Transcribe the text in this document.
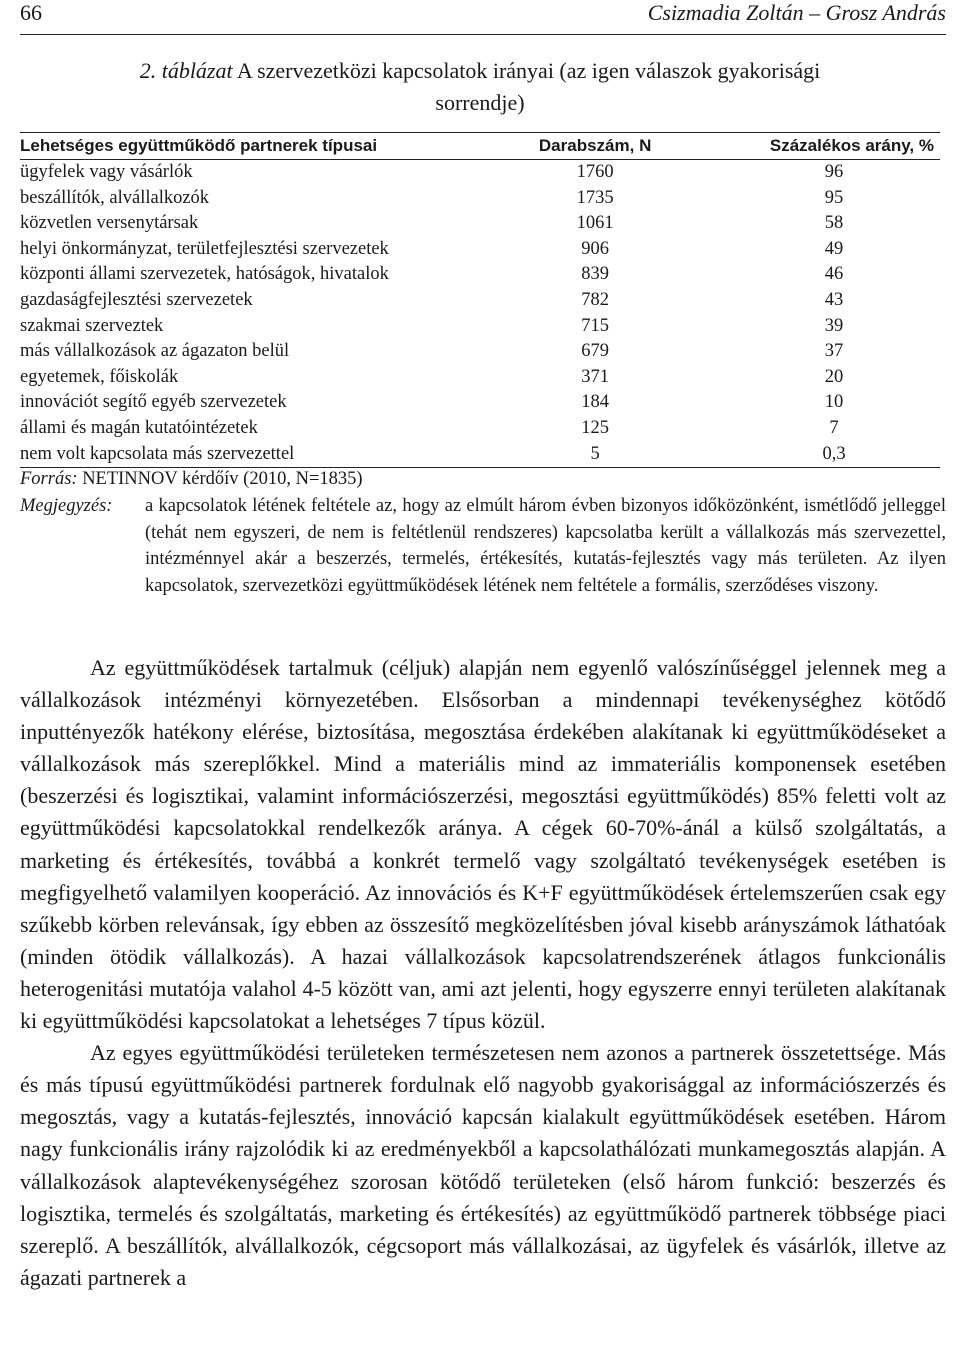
66	Csizmadia Zoltán – Grosz András
2. táblázat A szervezetközi kapcsolatok irányai (az igen válaszok gyakorisági sorrendje)
Lehetséges együttműködő partnerek típusai	Darabszám, N	Százalékos arány, %
ügyfelek vagy vásárlók	1760	96
beszállítók, alvállalkozók	1735	95
közvetlen versenytársak	1061	58
helyi önkormányzat, területfejlesztési szervezetek	906	49
központi állami szervezetek, hatóságok, hivatalok	839	46
gazdaságfejlesztési szervezetek	782	43
szakmai szerveztek	715	39
más vállalkozások az ágazaton belül	679	37
egyetemek, főiskolák	371	20
innovációt segítő egyéb szervezetek	184	10
állami és magán kutatóintézetek	125	7
nem volt kapcsolata más szervezettel	5	0,3
Forrás: NETINNOV kérdőív (2010, N=1835)
Megjegyzés: a kapcsolatok létének feltétele az, hogy az elmúlt három évben bizonyos időközönként, ismétlődő jelleggel (tehát nem egyszeri, de nem is feltétlenül rendszeres) kapcsolatba került a vállalkozás más szervezettel, intézménnyel akár a beszerzés, termelés, értékesítés, kutatás-fejlesztés vagy más területen. Az ilyen kapcsolatok, szervezetközi együttműködések létének nem feltétele a formális, szerződéses viszony.

Az együttműködések tartalmuk (céljuk) alapján nem egyenlő valószínűséggel jelennek meg a vállalkozások intézményi környezetében. Elsősorban a mindennapi tevékenységhez kötődő inputtényezők hatékony elérése, biztosítása, megosztása érdekében alakítanak ki együttműködéseket a vállalkozások más szereplőkkel. Mind a materiális mind az immateriális komponensek esetében (beszerzési és logisztikai, valamint információszerzési, megosztási együttműködés) 85% feletti volt az együttműködési kapcsolatokkal rendelkezők aránya. A cégek 60-70%-ánál a külső szolgáltatás, a marketing és értékesítés, továbbá a konkrét termelő vagy szolgáltató tevékenységek esetében is megfigyelhető valamilyen kooperáció. Az innovációs és K+F együttműködések értelemszerűen csak egy szűkebb körben relevánsak, így ebben az összesítő megközelítésben jóval kisebb arányszámok láthatóak (minden ötödik vállalkozás). A hazai vállalkozások kapcsolatrendszerének átlagos funkcionális heterogenitási mutatója valahol 4-5 között van, ami azt jelenti, hogy egyszerre ennyi területen alakítanak ki együttműködési kapcsolatokat a lehetséges 7 típus közül.

Az egyes együttműködési területeken természetesen nem azonos a partnerek összetettsége. Más és más típusú együttműködési partnerek fordulnak elő nagyobb gyakorisággal az információszerzés és megosztás, vagy a kutatás-fejlesztés, innováció kapcsán kialakult együttműködések esetében. Három nagy funkcionális irány rajzolódik ki az eredményekből a kapcsolathálózati munkamegosztás alapján. A vállalkozások alaptevékenységéhez szorosan kötődő területeken (első három funkció: beszerzés és logisztika, termelés és szolgáltatás, marketing és értékesítés) az együttműködő partnerek többsége piaci szereplő. A beszállítók, alvállalkozók, cégcsoport más vállalkozásai, az ügyfelek és vásárlók, illetve az ágazati partnerek a
